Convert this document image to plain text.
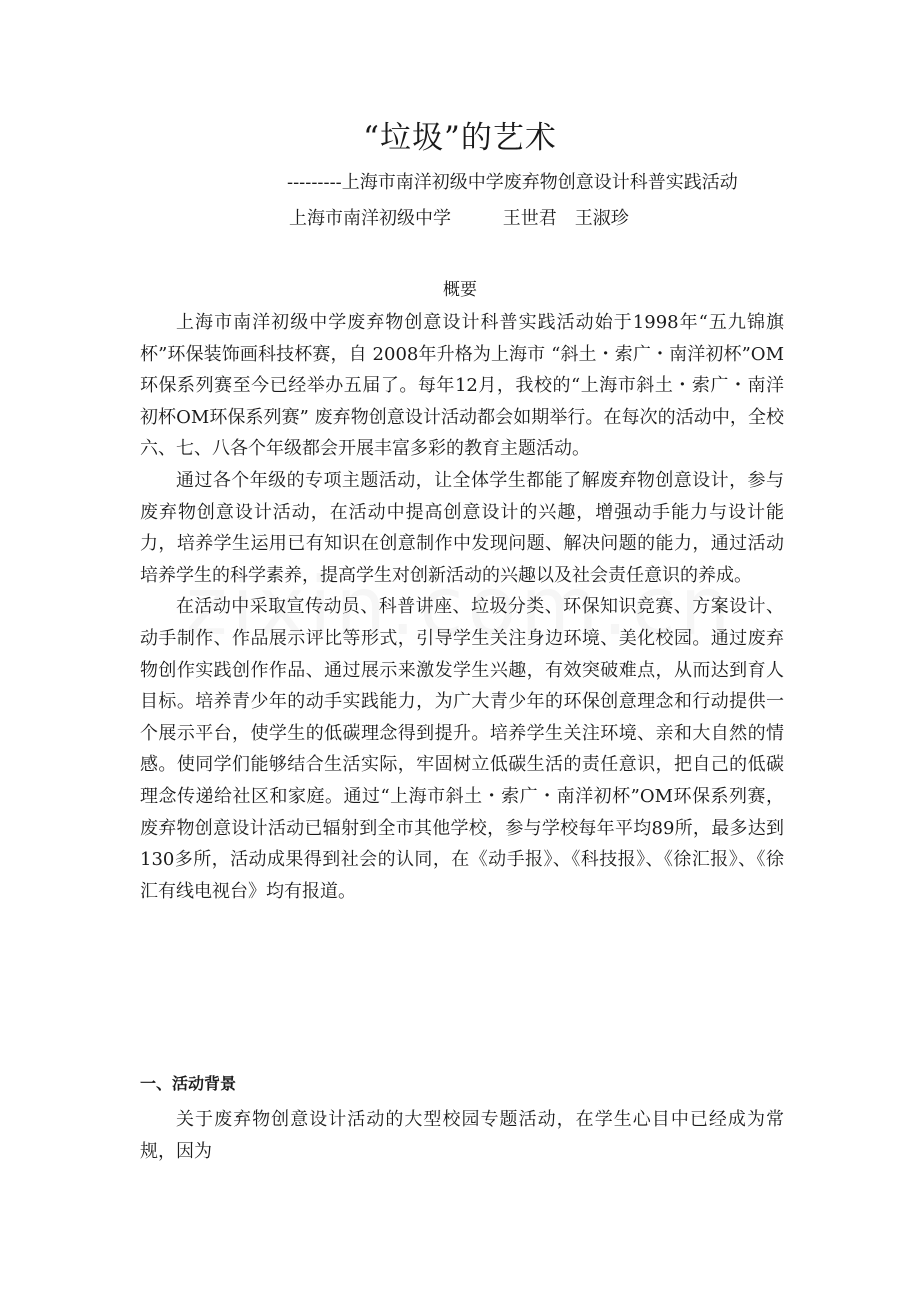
“垃圾”的艺术
---------上海市南洋初级中学废弃物创意设计科普实践活动
上海市南洋初级中学	王世君　王淑珍
概要

上海市南洋初级中学废弃物创意设计科普实践活动始于1998年“五九锦旗杯”环保装饰画科技杯赛，自 2008年升格为上海市 “斜土・索广・南洋初杯”OM环保系列赛至今已经举办五届了。每年12月，我校的“上海市斜土・索广・南洋初杯OM环保系列赛” 废弃物创意设计活动都会如期举行。在每次的活动中，全校六、七、八各个年级都会开展丰富多彩的教育主题活动。

通过各个年级的专项主题活动，让全体学生都能了解废弃物创意设计，参与废弃物创意设计活动，在活动中提高创意设计的兴趣，增强动手能力与设计能力，培养学生运用已有知识在创意制作中发现问题、解决问题的能力，通过活动培养学生的科学素养，提高学生对创新活动的兴趣以及社会责任意识的养成。

在活动中采取宣传动员、科普讲座、垃圾分类、环保知识竞赛、方案设计、动手制作、作品展示评比等形式，引导学生关注身边环境、美化校园。通过废弃物创作实践创作作品、通过展示来激发学生兴趣，有效突破难点，从而达到育人目标。培养青少年的动手实践能力，为广大青少年的环保创意理念和行动提供一个展示平台，使学生的低碳理念得到提升。培养学生关注环境、亲和大自然的情感。使同学们能够结合生活实际，牢固树立低碳生活的责任意识，把自己的低碳理念传递给社区和家庭。通过“上海市斜土・索广・南洋初杯”OM环保系列赛，废弃物创意设计活动已辐射到全市其他学校，参与学校每年平均89所，最多达到130多所，活动成果得到社会的认同，在《动手报》、《科技报》、《徐汇报》、《徐汇有线电视台》均有报道。

一、活动背景

关于废弃物创意设计活动的大型校园专题活动，在学生心目中已经成为常规，因为
